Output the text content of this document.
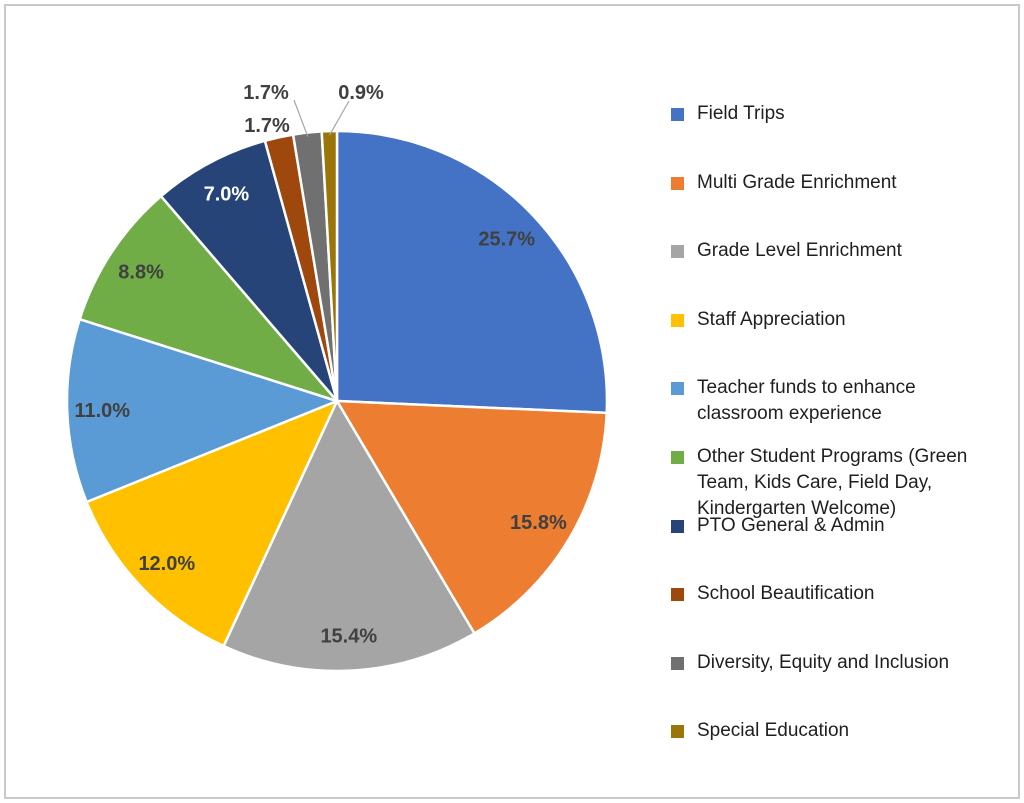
25.7%
15.8%
15.4%
12.0%
11.0%
8.8%
7.0%
1.7%
1.7% 0.9%
Field Trips
Multi Grade Enrichment
Grade Level Enrichment
Staff Appreciation
Teacher funds to enhance classroom experience
Other Student Programs (Green Team, Kids Care, Field Day, Kindergarten Welcome)
PTO General & Admin
School Beautification
Diversity, Equity and Inclusion
Special Education
